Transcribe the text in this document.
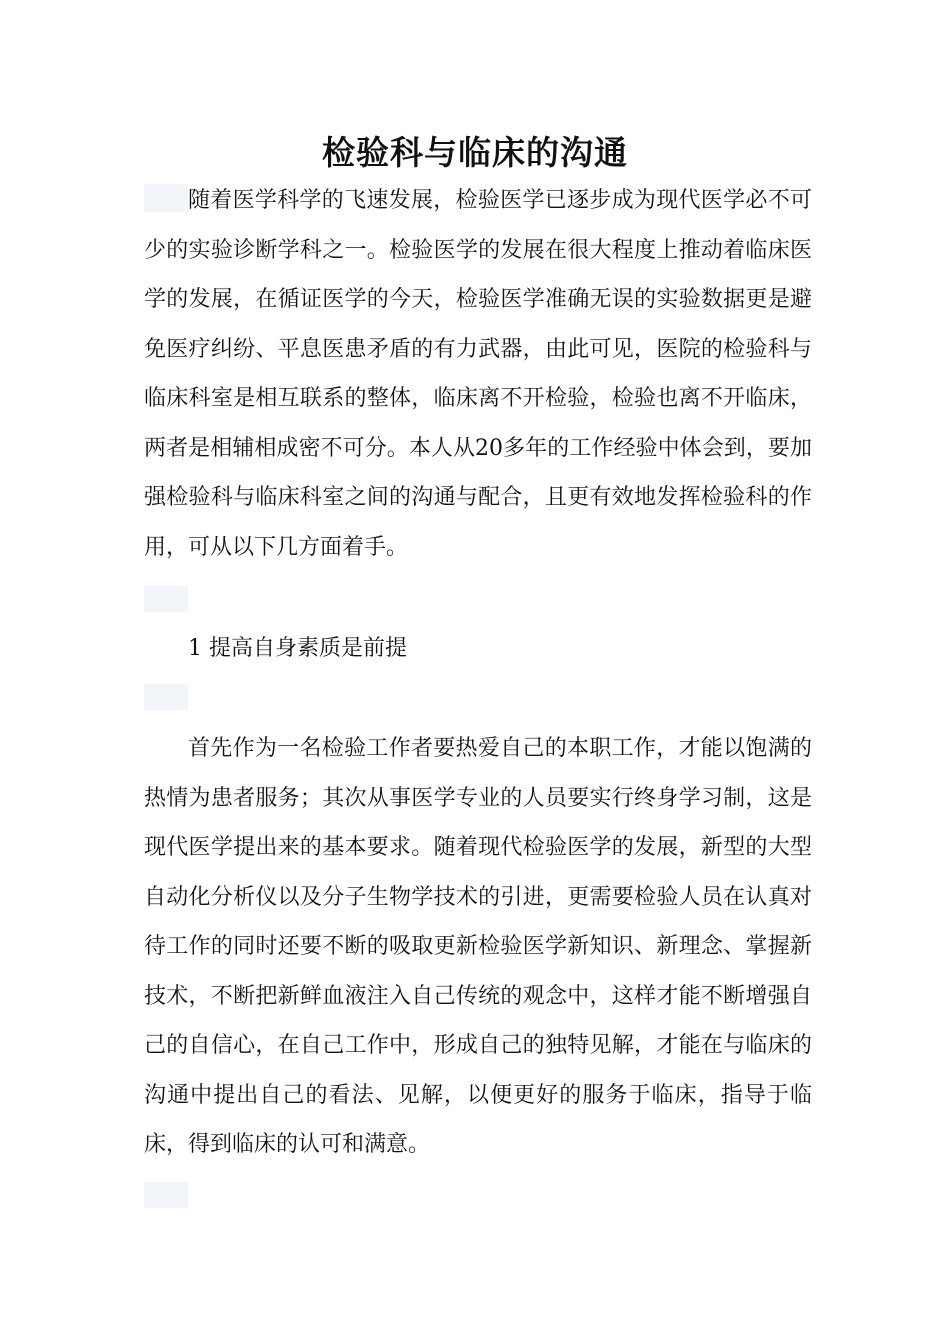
检验科与临床的沟通

随着医学科学的飞速发展，检验医学已逐步成为现代医学必不可少的实验诊断学科之一。检验医学的发展在很大程度上推动着临床医学的发展，在循证医学的今天，检验医学准确无误的实验数据更是避免医疗纠纷、平息医患矛盾的有力武器，由此可见，医院的检验科与临床科室是相互联系的整体，临床离不开检验，检验也离不开临床，两者是相辅相成密不可分。本人从20多年的工作经验中体会到，要加强检验科与临床科室之间的沟通与配合，且更有效地发挥检验科的作用，可从以下几方面着手。

1 提高自身素质是前提

首先作为一名检验工作者要热爱自己的本职工作，才能以饱满的热情为患者服务；其次从事医学专业的人员要实行终身学习制，这是现代医学提出来的基本要求。随着现代检验医学的发展，新型的大型自动化分析仪以及分子生物学技术的引进，更需要检验人员在认真对待工作的同时还要不断的吸取更新检验医学新知识、新理念、掌握新技术，不断把新鲜血液注入自己传统的观念中，这样才能不断增强自己的自信心，在自己工作中，形成自己的独特见解，才能在与临床的沟通中提出自己的看法、见解，以便更好的服务于临床，指导于临床，得到临床的认可和满意。
